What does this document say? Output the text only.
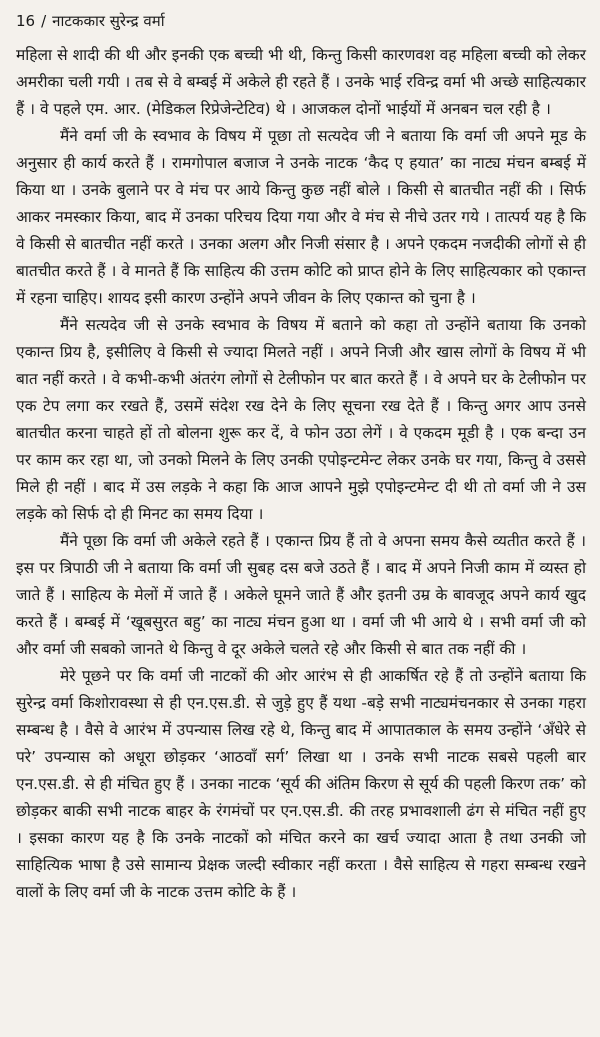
16 / नाटककार सुरेन्द्र वर्मा

महिला से शादी की थी और इनकी एक बच्ची भी थी, किन्तु किसी कारणवश वह महिला बच्ची को लेकर अमरीका चली गयी । तब से वे बम्बई में अकेले ही रहते हैं । उनके भाई रविन्द्र वर्मा भी अच्छे साहित्यकार हैं । वे पहले एम. आर. (मेडिकल रिप्रेजेन्टेटिव) थे । आजकल दोनों भाईयों में अनबन चल रही है ।

मैंने वर्मा जी के स्वभाव के विषय में पूछा तो सत्यदेव जी ने बताया कि वर्मा जी अपने मूड के अनुसार ही कार्य करते हैं । रामगोपाल बजाज ने उनके नाटक ‘कैद ए हयात’ का नाट्य मंचन बम्बई में किया था । उनके बुलाने पर वे मंच पर आये किन्तु कुछ नहीं बोले । किसी से बातचीत नहीं की । सिर्फ आकर नमस्कार किया, बाद में उनका परिचय दिया गया और वे मंच से नीचे उतर गये । तात्पर्य यह है कि वे किसी से बातचीत नहीं करते । उनका अलग और निजी संसार है । अपने एकदम नजदीकी लोगों से ही बातचीत करते हैं । वे मानते हैं कि साहित्य की उत्तम कोटि को प्राप्त होने के लिए साहित्यकार को एकान्त में रहना चाहिए। शायद इसी कारण उन्होंने अपने जीवन के लिए एकान्त को चुना है ।

मैंने सत्यदेव जी से उनके स्वभाव के विषय में बताने को कहा तो उन्होंने बताया कि उनको एकान्त प्रिय है, इसीलिए वे किसी से ज्यादा मिलते नहीं । अपने निजी और खास लोगों के विषय में भी बात नहीं करते । वे कभी-कभी अंतरंग लोगों से टेलीफोन पर बात करते हैं । वे अपने घर के टेलीफोन पर एक टेप लगा कर रखते हैं, उसमें संदेश रख देने के लिए सूचना रख देते हैं । किन्तु अगर आप उनसे बातचीत करना चाहते हों तो बोलना शुरू कर दें, वे फोन उठा लेगें । वे एकदम मूडी है । एक बन्दा उन पर काम कर रहा था, जो उनको मिलने के लिए उनकी एपोइन्टमेन्ट लेकर उनके घर गया, किन्तु वे उससे मिले ही नहीं । बाद में उस लड़के ने कहा कि आज आपने मुझे एपोइन्टमेन्ट दी थी तो वर्मा जी ने उस लड़के को सिर्फ दो ही मिनट का समय दिया ।

मैंने पूछा कि वर्मा जी अकेले रहते हैं । एकान्त प्रिय हैं तो वे अपना समय कैसे व्यतीत करते हैं । इस पर त्रिपाठी जी ने बताया कि वर्मा जी सुबह दस बजे उठते हैं । बाद में अपने निजी काम में व्यस्त हो जाते हैं । साहित्य के मेलों में जाते हैं । अकेले घूमने जाते हैं और इतनी उम्र के बावजूद अपने कार्य खुद करते हैं । बम्बई में ‘खूबसुरत बहु’ का नाट्य मंचन हुआ था । वर्मा जी भी आये थे । सभी वर्मा जी को और वर्मा जी सबको जानते थे किन्तु वे दूर अकेले चलते रहे और किसी से बात तक नहीं की ।

मेरे पूछने पर कि वर्मा जी नाटकों की ओर आरंभ से ही आकर्षित रहे हैं तो उन्होंने बताया कि सुरेन्द्र वर्मा किशोरावस्था से ही एन.एस.डी. से जुड़े हुए हैं यथा -बड़े सभी नाट्यमंचनकार से उनका गहरा सम्बन्ध है । वैसे वे आरंभ में उपन्यास लिख रहे थे, किन्तु बाद में आपातकाल के समय उन्होंने ‘अँधेरे से परे’ उपन्यास को अधूरा छोड़कर ‘आठवाँ सर्ग’ लिखा था । उनके सभी नाटक सबसे पहली बार एन.एस.डी. से ही मंचित हुए हैं । उनका नाटक ‘सूर्य की अंतिम किरण से सूर्य की पहली किरण तक’ को छोड़कर बाकी सभी नाटक बाहर के रंगमंचों पर एन.एस.डी. की तरह प्रभावशाली ढंग से मंचित नहीं हुए । इसका कारण यह है कि उनके नाटकों को मंचित करने का खर्च ज्यादा आता है तथा उनकी जो साहित्यिक भाषा है उसे सामान्य प्रेक्षक जल्दी स्वीकार नहीं करता । वैसे साहित्य से गहरा सम्बन्ध रखने वालों के लिए वर्मा जी के नाटक उत्तम कोटि के हैं ।
